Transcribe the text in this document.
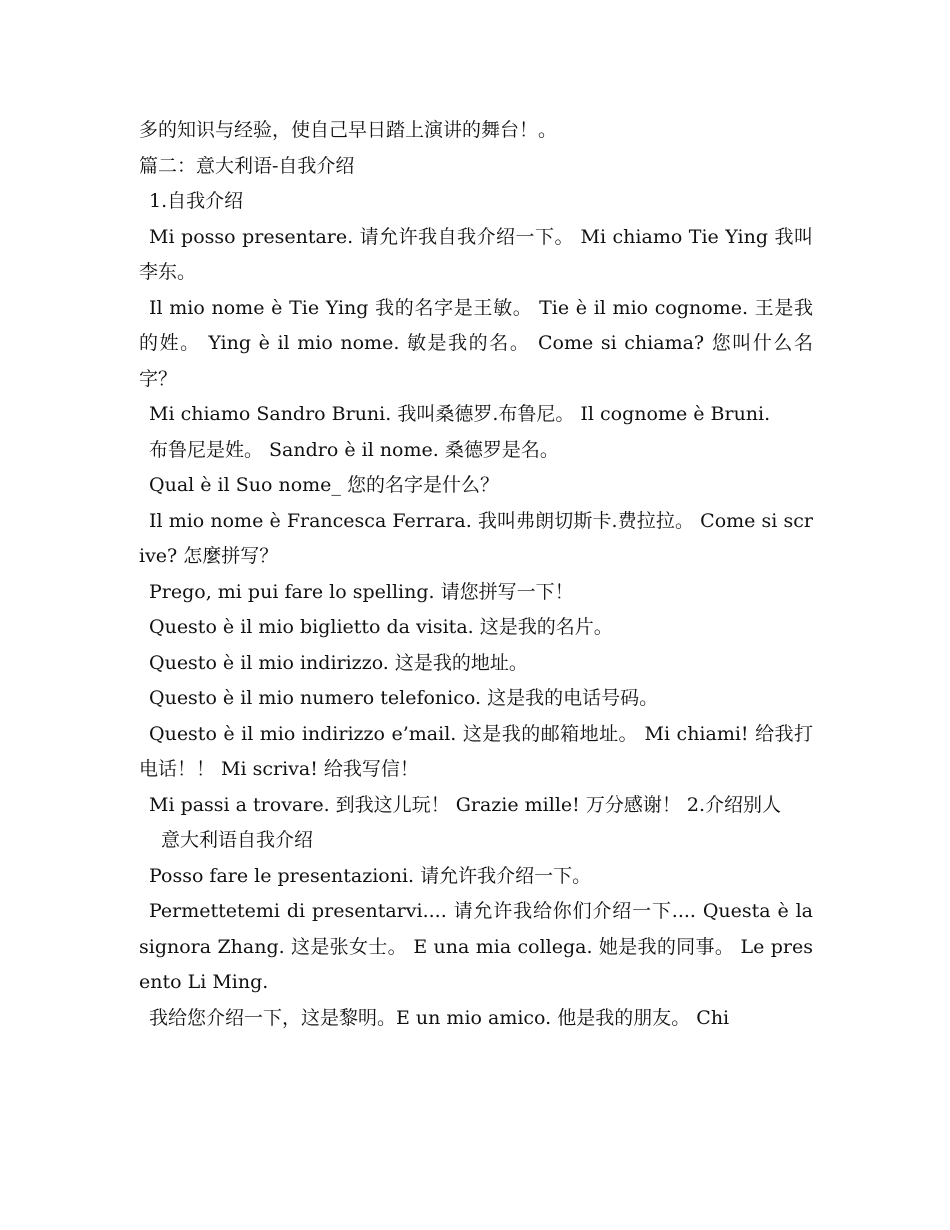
多的知识与经验，使自己早日踏上演讲的舞台！。

篇二：意大利语-自我介绍

1.自我介绍

Mi posso presentare. 请允许我自我介绍一下。 Mi chiamo Tie Ying 我叫李东。

Il mio nome è Tie Ying 我的名字是王敏。 Tie è il mio cognome. 王是我的姓。 Ying è il mio nome. 敏是我的名。 Come si chiama? 您叫什么名字？

Mi chiamo Sandro Bruni. 我叫桑德罗.布鲁尼。 Il cognome è Bruni.

布鲁尼是姓。 Sandro è il nome. 桑德罗是名。

Qual è il Suo nome_ 您的名字是什么？

Il mio nome è Francesca Ferrara. 我叫弗朗切斯卡.费拉拉。 Come si scrive? 怎麼拼写？

Prego, mi pui fare lo spelling. 请您拼写一下！

Questo è il mio biglietto da visita. 这是我的名片。

Questo è il mio indirizzo. 这是我的地址。

Questo è il mio numero telefonico. 这是我的电话号码。

Questo è il mio indirizzo e’mail. 这是我的邮箱地址。 Mi chiami! 给我打电话！！ Mi scriva! 给我写信！

Mi passi a trovare. 到我这儿玩！ Grazie mille! 万分感谢！ 2.介绍别人

意大利语自我介绍

Posso fare le presentazioni. 请允许我介绍一下。

Permettetemi di presentarvi.... 请允许我给你们介绍一下.... Questa è la signora Zhang. 这是张女士。 E una mia collega. 她是我的同事。 Le presento Li Ming.

我给您介绍一下，这是黎明。E un mio amico. 他是我的朋友。 Chi
